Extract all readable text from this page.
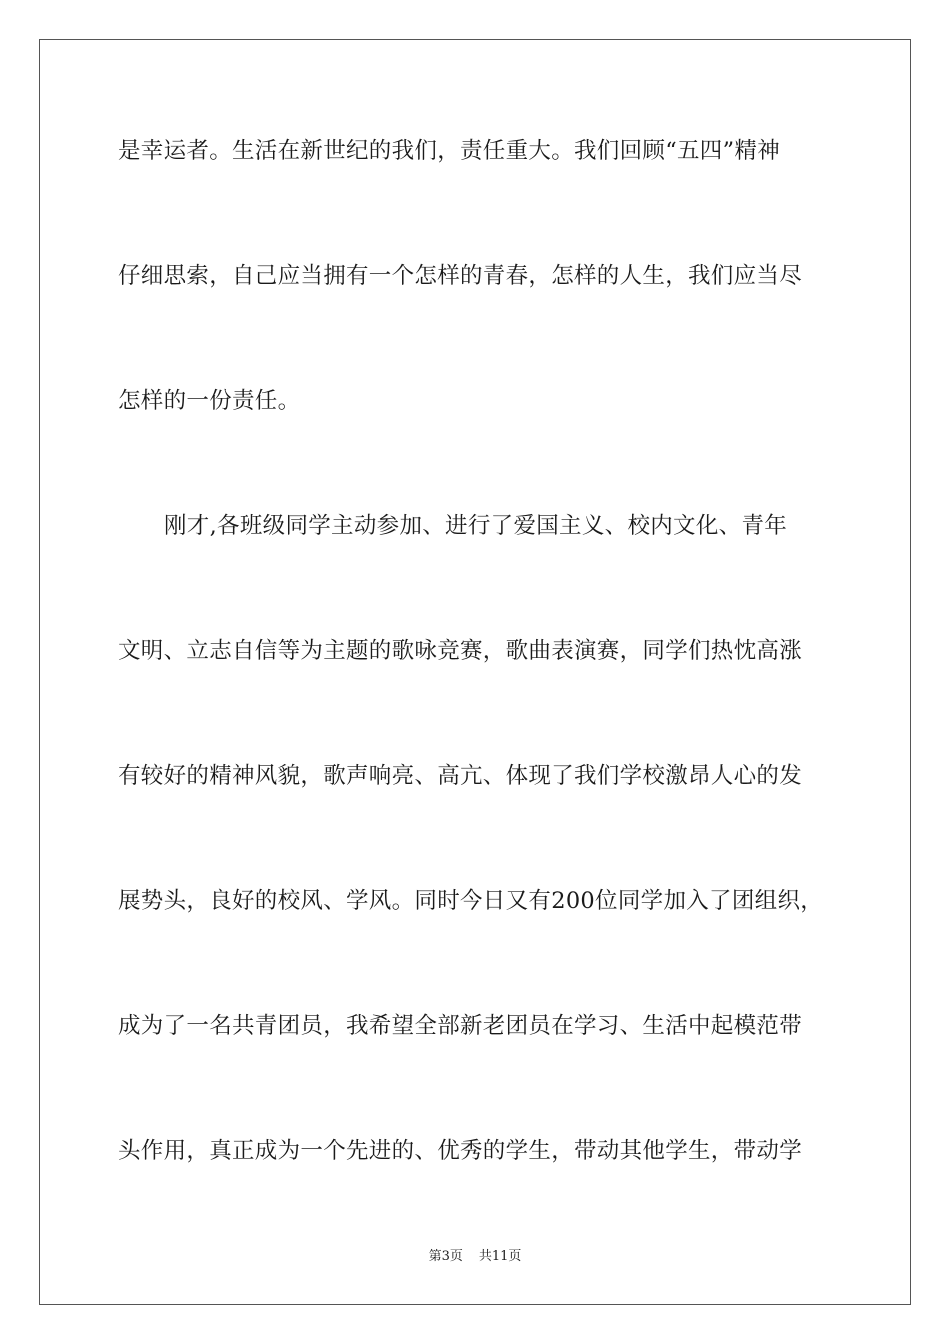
是幸运者。生活在新世纪的我们，责任重大。我们回顾“五四”精神
仔细思索，自己应当拥有一个怎样的青春，怎样的人生，我们应当尽
怎样的一份责任。
刚才,各班级同学主动参加、进行了爱国主义、校内文化、青年
文明、立志自信等为主题的歌咏竞赛，歌曲表演赛，同学们热忱高涨
有较好的精神风貌，歌声响亮、高亢、体现了我们学校激昂人心的发
展势头，良好的校风、学风。同时今日又有200位同学加入了团组织，
成为了一名共青团员，我希望全部新老团员在学习、生活中起模范带
头作用，真正成为一个先进的、优秀的学生，带动其他学生，带动学
第3页 共11页
